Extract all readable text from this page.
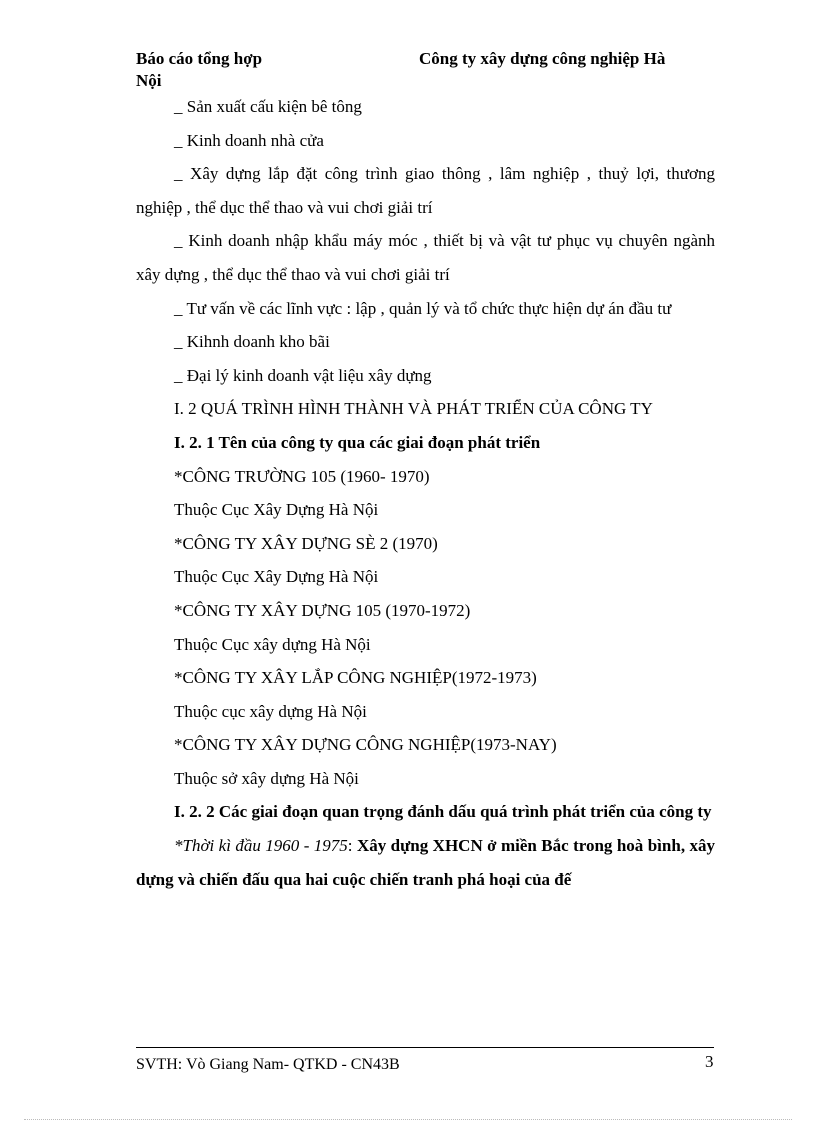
Báo cáo tổng hợp	Công ty xây dựng công nghiệp Hà
Nội

_ Sản xuất cấu kiện bê tông

_ Kinh doanh nhà cửa

_ Xây dựng lắp đặt công trình giao thông , lâm nghiệp , thuỷ lợi, thương nghiệp , thể dục thể thao và vui chơi giải trí

_ Kinh doanh nhập khẩu máy móc , thiết bị và vật tư phục vụ chuyên ngành xây dựng , thể dục thể thao và vui chơi giải trí

_ Tư vấn về các lĩnh vực : lập , quản lý và tổ chức thực hiện dự án đầu tư

_ Kihnh doanh kho bãi

_ Đại lý kinh doanh vật liệu xây dựng

I. 2 QUÁ TRÌNH HÌNH THÀNH VÀ PHÁT TRIỂN CỦA CÔNG TY

I. 2. 1 Tên của công ty qua các giai đoạn phát triển

*CÔNG TRƯỜNG 105 (1960- 1970)

Thuộc Cục Xây Dựng Hà Nội

*CÔNG TY XÂY DỰNG SÈ 2 (1970)

Thuộc Cục Xây Dựng Hà Nội

*CÔNG TY XÂY DỰNG 105 (1970-1972)

Thuộc Cục xây dựng Hà Nội

*CÔNG TY XÂY LẮP CÔNG NGHIỆP(1972-1973)

Thuộc cục xây dựng Hà Nội

*CÔNG TY XÂY DỰNG CÔNG NGHIỆP(1973-NAY)

Thuộc sở xây dựng Hà Nội

I. 2. 2 Các giai đoạn quan trọng đánh dấu quá trình phát triển của công ty

*Thời kì đầu 1960 - 1975: Xây dựng XHCN ở miền Bắc trong hoà bình, xây dựng và chiến đấu qua hai cuộc chiến tranh phá hoại của đế

SVTH: Vò Giang Nam- QTKD - CN43B	3
